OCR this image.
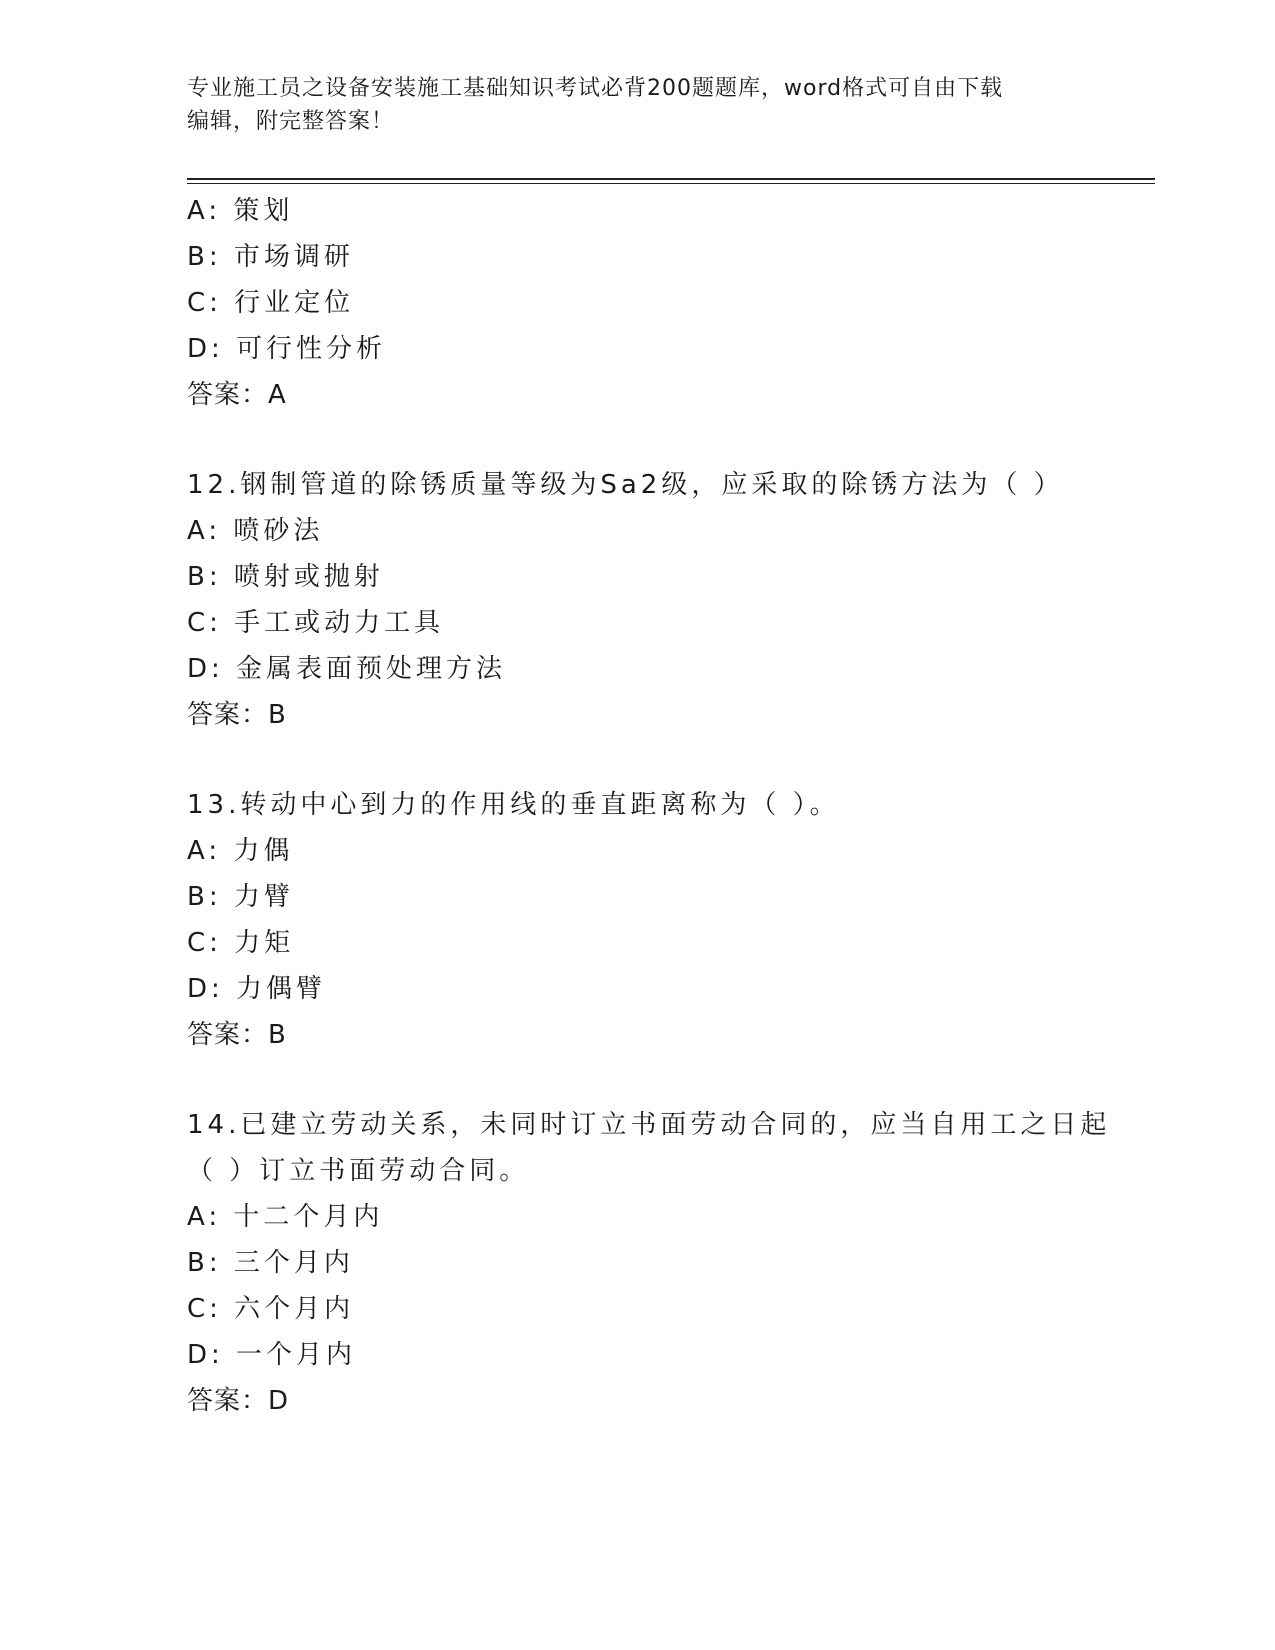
专业施工员之设备安装施工基础知识考试必背200题题库，word格式可自由下载
编辑，附完整答案！
A: 策划
B: 市场调研
C: 行业定位
D: 可行性分析
答案：A
12.钢制管道的除锈质量等级为Sa2级，应采取的除锈方法为（ ）
A: 喷砂法
B: 喷射或抛射
C: 手工或动力工具
D: 金属表面预处理方法
答案：B
13.转动中心到力的作用线的垂直距离称为（ ）。
A: 力偶
B: 力臂
C: 力矩
D: 力偶臂
答案：B
14.已建立劳动关系，未同时订立书面劳动合同的，应当自用工之日起
（ ）订立书面劳动合同。
A: 十二个月内
B: 三个月内
C: 六个月内
D: 一个月内
答案：D
